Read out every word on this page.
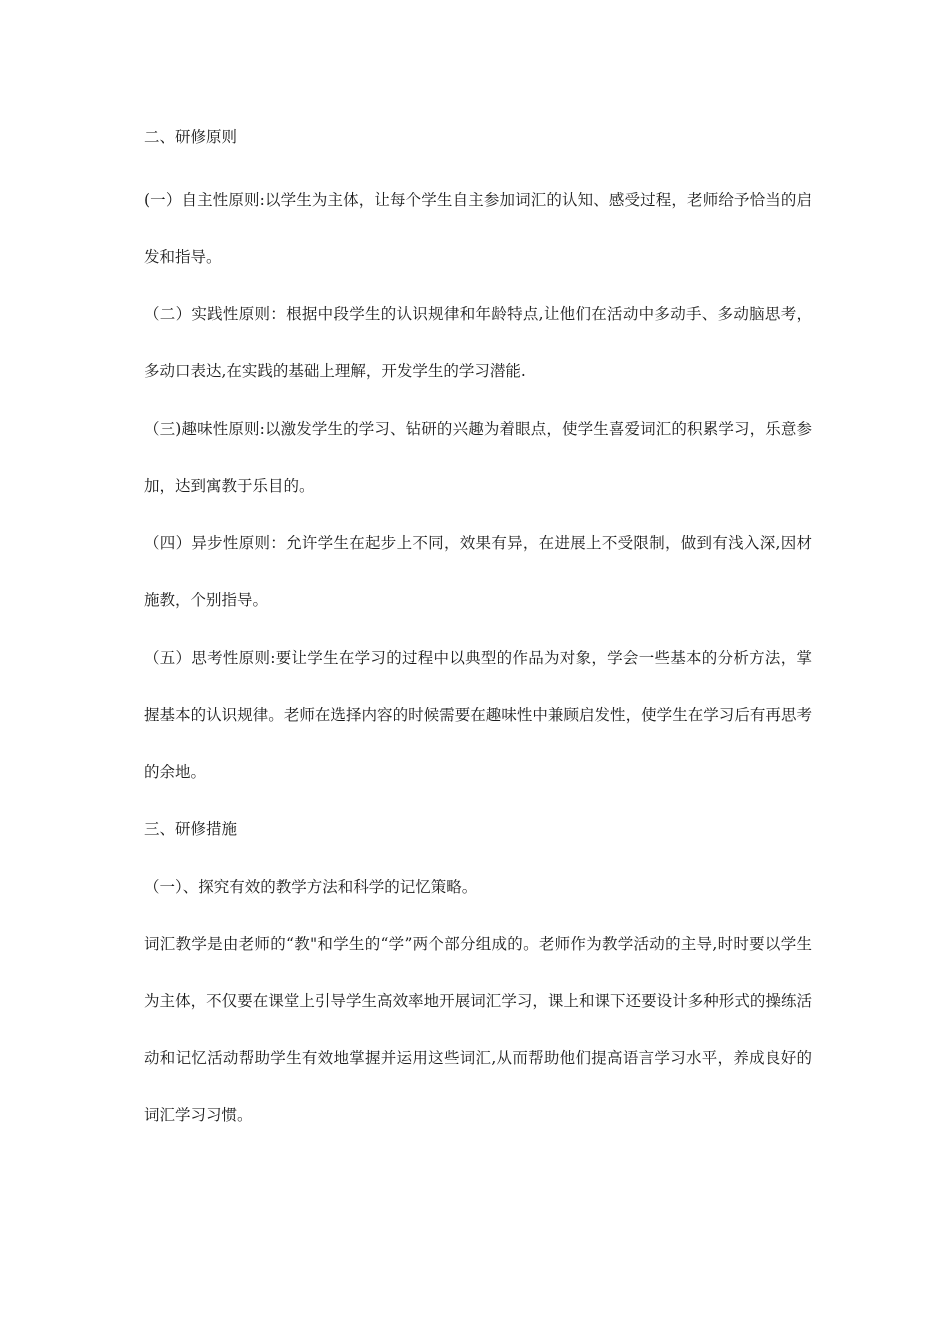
二、研修原则

(一）自主性原则:以学生为主体，让每个学生自主参加词汇的认知、感受过程，老师给予恰当的启发和指导。

（二）实践性原则：根据中段学生的认识规律和年龄特点,让他们在活动中多动手、多动脑思考，多动口表达,在实践的基础上理解，开发学生的学习潜能.

（三)趣味性原则:以激发学生的学习、钻研的兴趣为着眼点，使学生喜爱词汇的积累学习，乐意参加，达到寓教于乐目的。

（四）异步性原则：允许学生在起步上不同，效果有异，在进展上不受限制，做到有浅入深,因材施教，个别指导。

（五）思考性原则:要让学生在学习的过程中以典型的作品为对象，学会一些基本的分析方法，掌握基本的认识规律。老师在选择内容的时候需要在趣味性中兼顾启发性，使学生在学习后有再思考的余地。

三、研修措施

（一）、探究有效的教学方法和科学的记忆策略。

词汇教学是由老师的“教"和学生的“学”两个部分组成的。老师作为教学活动的主导,时时要以学生为主体，不仅要在课堂上引导学生高效率地开展词汇学习，课上和课下还要设计多种形式的操练活动和记忆活动帮助学生有效地掌握并运用这些词汇,从而帮助他们提高语言学习水平，养成良好的词汇学习习惯。
